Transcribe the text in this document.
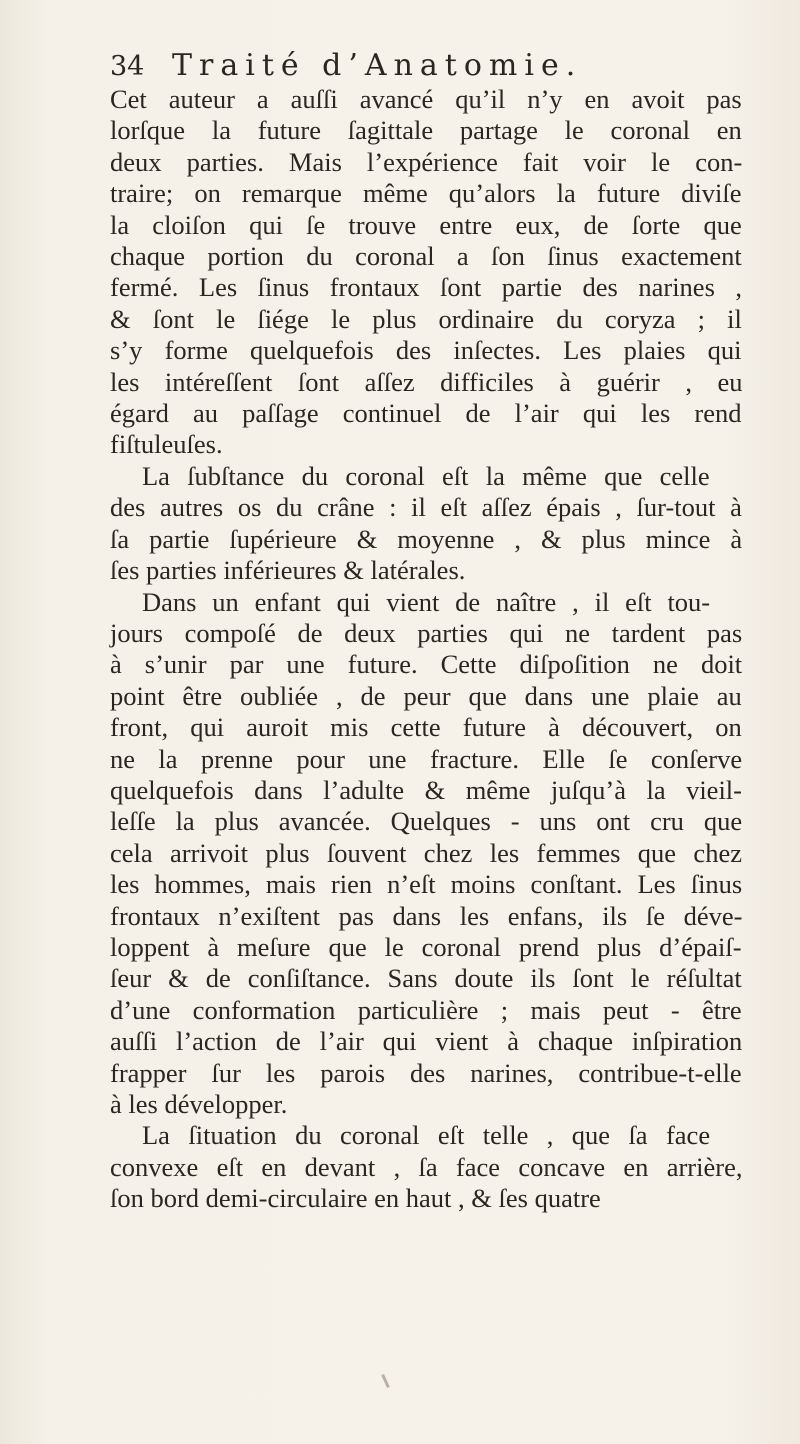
34 Traité d’Anatomie.
Cet auteur a auſſi avancé qu’il n’y en avoit pas
lorſque la future ſagittale partage le coronal en
deux parties. Mais l’expérience fait voir le con-
traire; on remarque même qu’alors la future diviſe
la cloiſon qui ſe trouve entre eux, de ſorte que
chaque portion du coronal a ſon ſinus exactement
fermé. Les ſinus frontaux ſont partie des narines ,
& ſont le ſiége le plus ordinaire du coryza ; il
s’y forme quelquefois des inſectes. Les plaies qui
les intéreſſent ſont aſſez difficiles à guérir , eu
égard au paſſage continuel de l’air qui les rend
fiſtuleuſes.
La ſubſtance du coronal eſt la même que celle
des autres os du crâne : il eſt aſſez épais , ſur-tout à
ſa partie ſupérieure & moyenne , & plus mince à
ſes parties inférieures & latérales.
Dans un enfant qui vient de naître , il eſt tou-
jours compoſé de deux parties qui ne tardent pas
à s’unir par une future. Cette diſpoſition ne doit
point être oubliée , de peur que dans une plaie au
front, qui auroit mis cette future à découvert, on
ne la prenne pour une fracture. Elle ſe conſerve
quelquefois dans l’adulte & même juſqu’à la vieil-
leſſe la plus avancée. Quelques - uns ont cru que
cela arrivoit plus ſouvent chez les femmes que chez
les hommes, mais rien n’eſt moins conſtant. Les ſinus
frontaux n’exiſtent pas dans les enfans, ils ſe déve-
loppent à meſure que le coronal prend plus d’épaiſ-
ſeur & de conſiſtance. Sans doute ils ſont le réſultat
d’une conformation particulière ; mais peut - être
auſſi l’action de l’air qui vient à chaque inſpiration
frapper ſur les parois des narines, contribue-t-elle
à les développer.
La ſituation du coronal eſt telle , que ſa face
convexe eſt en devant , ſa face concave en arrière,
ſon bord demi-circulaire en haut , & ſes quatre
